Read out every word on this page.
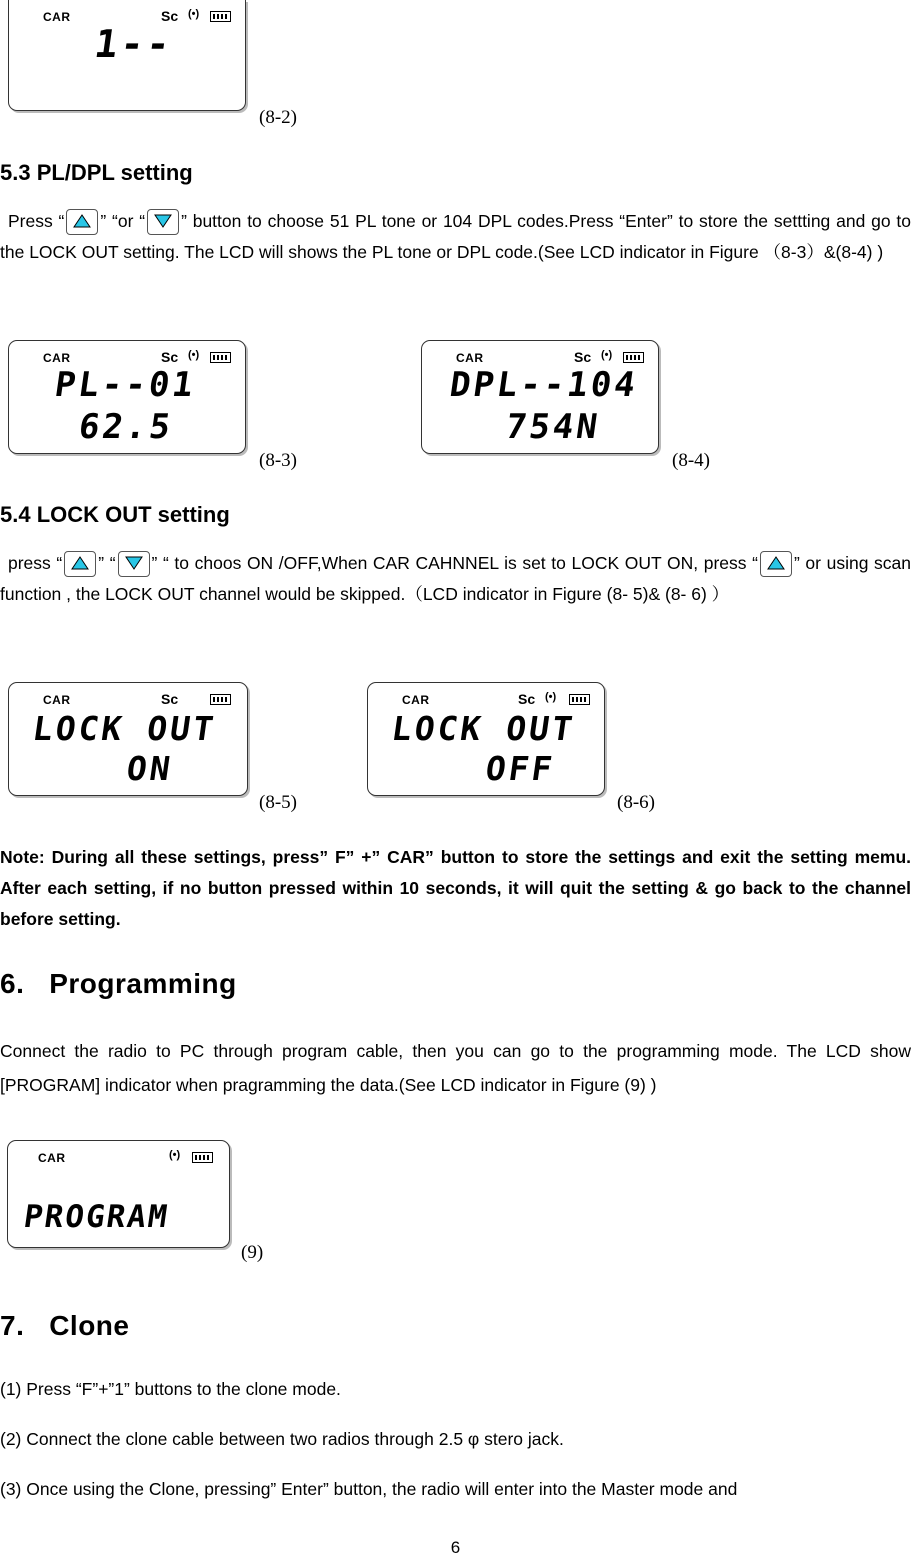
CAR	Sc (•)
1--
(8-2)
5.3 PL/DPL setting
Press “ ” “or “ ” button to choose 51 PL tone or 104 DPL codes.Press “Enter” to store the settting and go to the LOCK OUT setting. The LCD will shows the PL tone or DPL code.(See LCD indicator in Figure （8-3）&(8-4) )
CAR	Sc (•)
PL--01
62.5
(8-3)
CAR	Sc (•)
DPL--104
754N
(8-4)
5.4 LOCK OUT setting
press “ ” “ ” “ to choos ON /OFF,When CAR CAHNNEL is set to LOCK OUT ON, press “ ” or using scan function , the LOCK OUT channel would be skipped.（LCD indicator in Figure (8- 5)& (8- 6) ）
CAR	Sc
LOCK OUT
ON
(8-5)
CAR	Sc (•)
LOCK OUT
OFF
(8-6)
Note: During all these settings, press” F” +” CAR” button to store the settings and exit the setting memu. After each setting, if no button pressed within 10 seconds, it will quit the setting & go back to the channel before setting.
6.   Programming
Connect the radio to PC through program cable, then you can go to the programming mode. The LCD show [PROGRAM] indicator when pragramming the data.(See LCD indicator in Figure (9) )
CAR	(•)
PROGRAM
(9)
7.   Clone
(1) Press “F”+”1” buttons to the clone mode.
(2) Connect the clone cable between two radios through 2.5 φ stero jack.
(3) Once using the Clone, pressing” Enter” button, the radio will enter into the Master mode and
6
